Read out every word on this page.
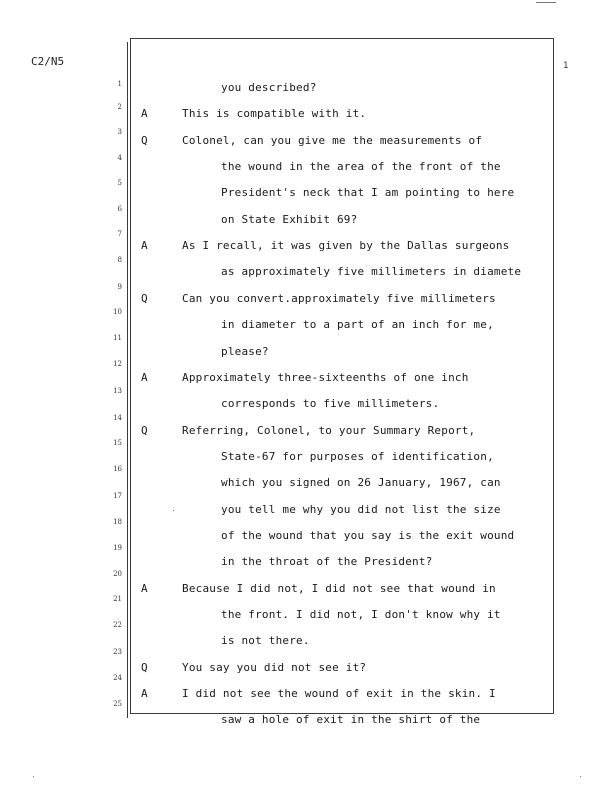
C2/N5	1
1	you described?
2 A	This is compatible with it.
3
Q	Colonel, can you give me the measurements of
4
the wound in the area of the front of the
5
President's neck that I am pointing to here
6
on State Exhibit 69?
7
A	As I recall, it was given by the Dallas surgeons
8
as approximately five millimeters in diamete
9
Q	Can you convert.approximately five millimeters
10
in diameter to a part of an inch for me,
11
please?
12
A	Approximately three-sixteenths of one inch
13
corresponds to five millimeters.
14
Q	Referring, Colonel, to your Summary Report,
15
State-67 for purposes of identification,
16
which you signed on 26 January, 1967, can
17
you tell me why you did not list the size
18
of the wound that you say is the exit wound
19
in the throat of the President?
20
A	Because I did not, I did not see that wound in
21
the front. I did not, I don't know why it
22
is not there.
23
Q	You say you did not see it?
24
A	I did not see the wound of exit in the skin. I
25
saw a hole of exit in the shirt of the
